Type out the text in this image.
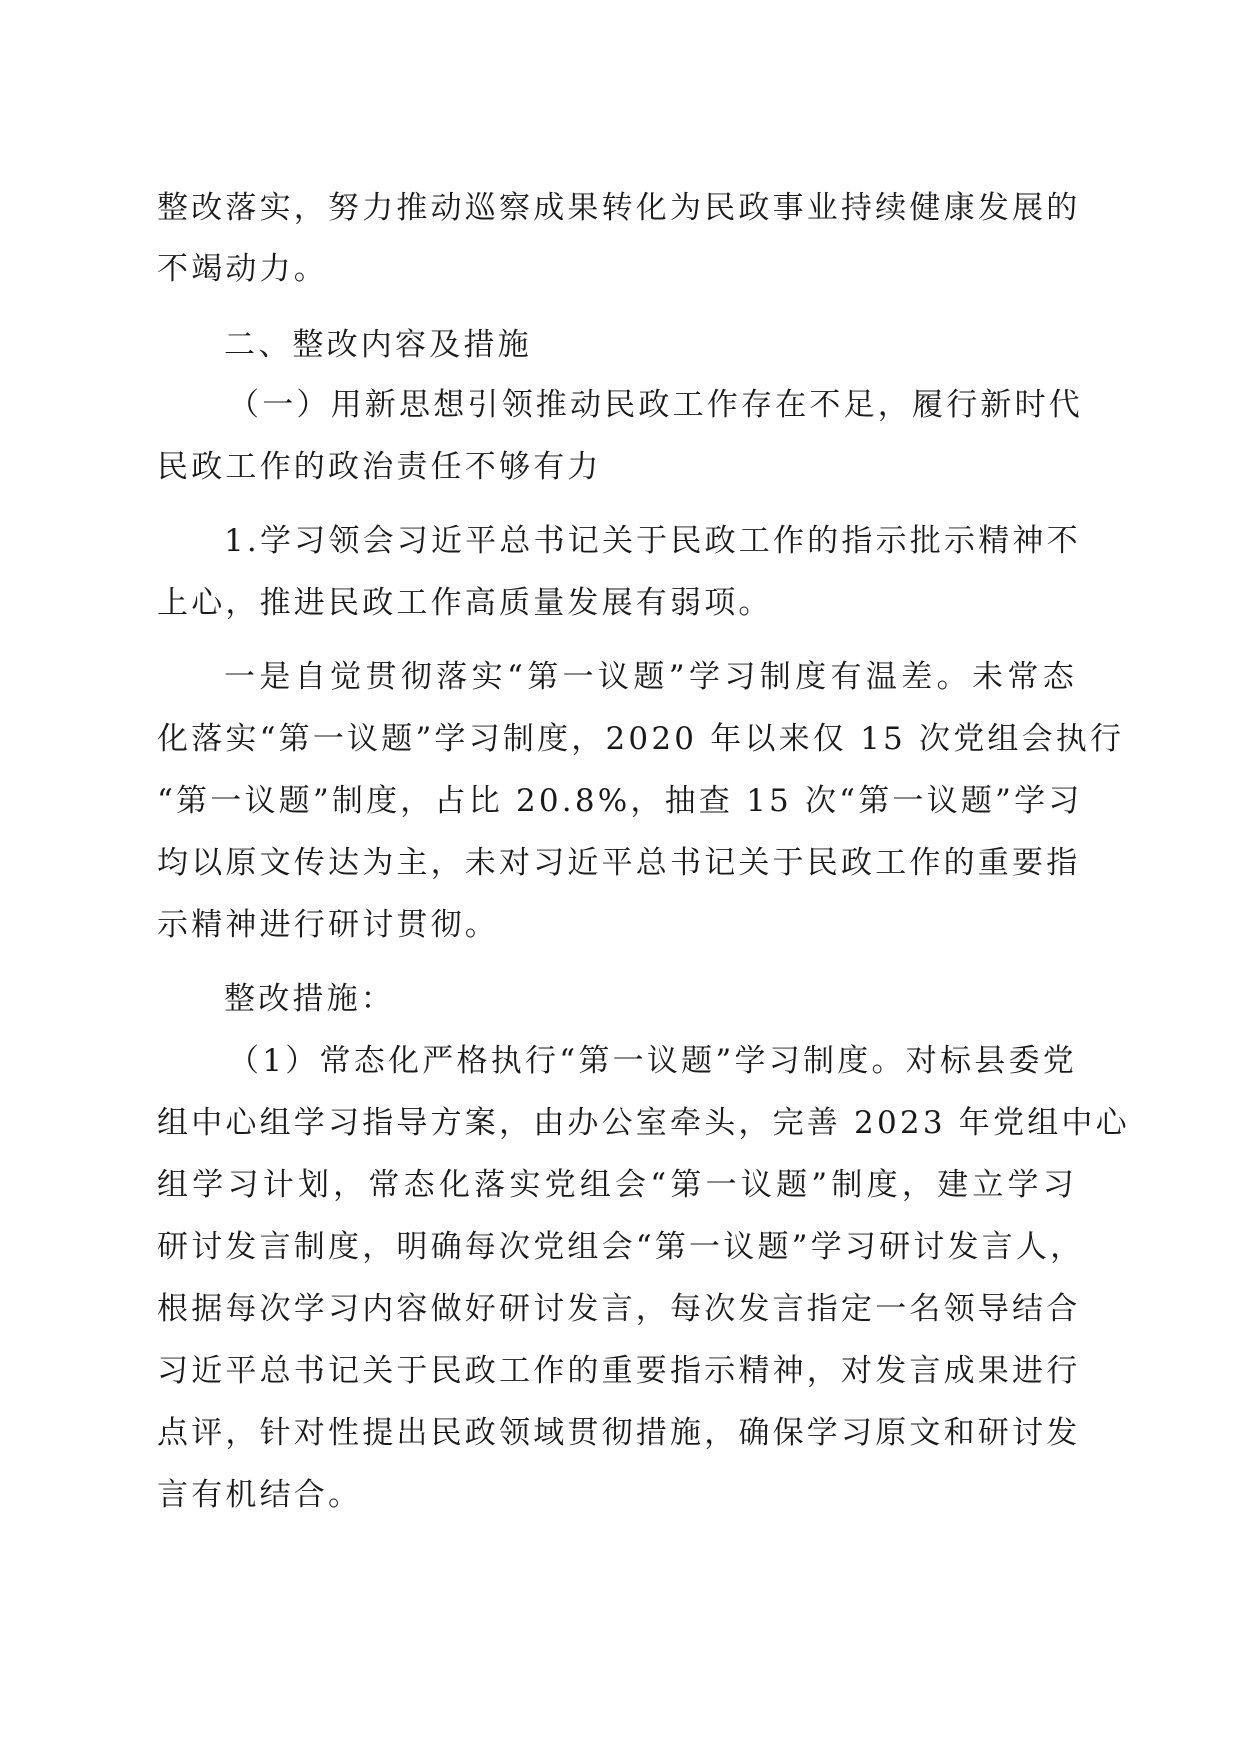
整改落实，努力推动巡察成果转化为民政事业持续健康发展的
不竭动力。
二、整改内容及措施
（一）用新思想引领推动民政工作存在不足，履行新时代
民政工作的政治责任不够有力
1.学习领会习近平总书记关于民政工作的指示批示精神不
上心，推进民政工作高质量发展有弱项。
一是自觉贯彻落实“第一议题”学习制度有温差。未常态
化落实“第一议题”学习制度，2020 年以来仅 15 次党组会执行
“第一议题”制度，占比 20.8%，抽查 15 次“第一议题”学习
均以原文传达为主，未对习近平总书记关于民政工作的重要指
示精神进行研讨贯彻。
整改措施：
（1）常态化严格执行“第一议题”学习制度。对标县委党
组中心组学习指导方案，由办公室牵头，完善 2023 年党组中心
组学习计划，常态化落实党组会“第一议题”制度，建立学习
研讨发言制度，明确每次党组会“第一议题”学习研讨发言人，
根据每次学习内容做好研讨发言，每次发言指定一名领导结合
习近平总书记关于民政工作的重要指示精神，对发言成果进行
点评，针对性提出民政领域贯彻措施，确保学习原文和研讨发
言有机结合。
